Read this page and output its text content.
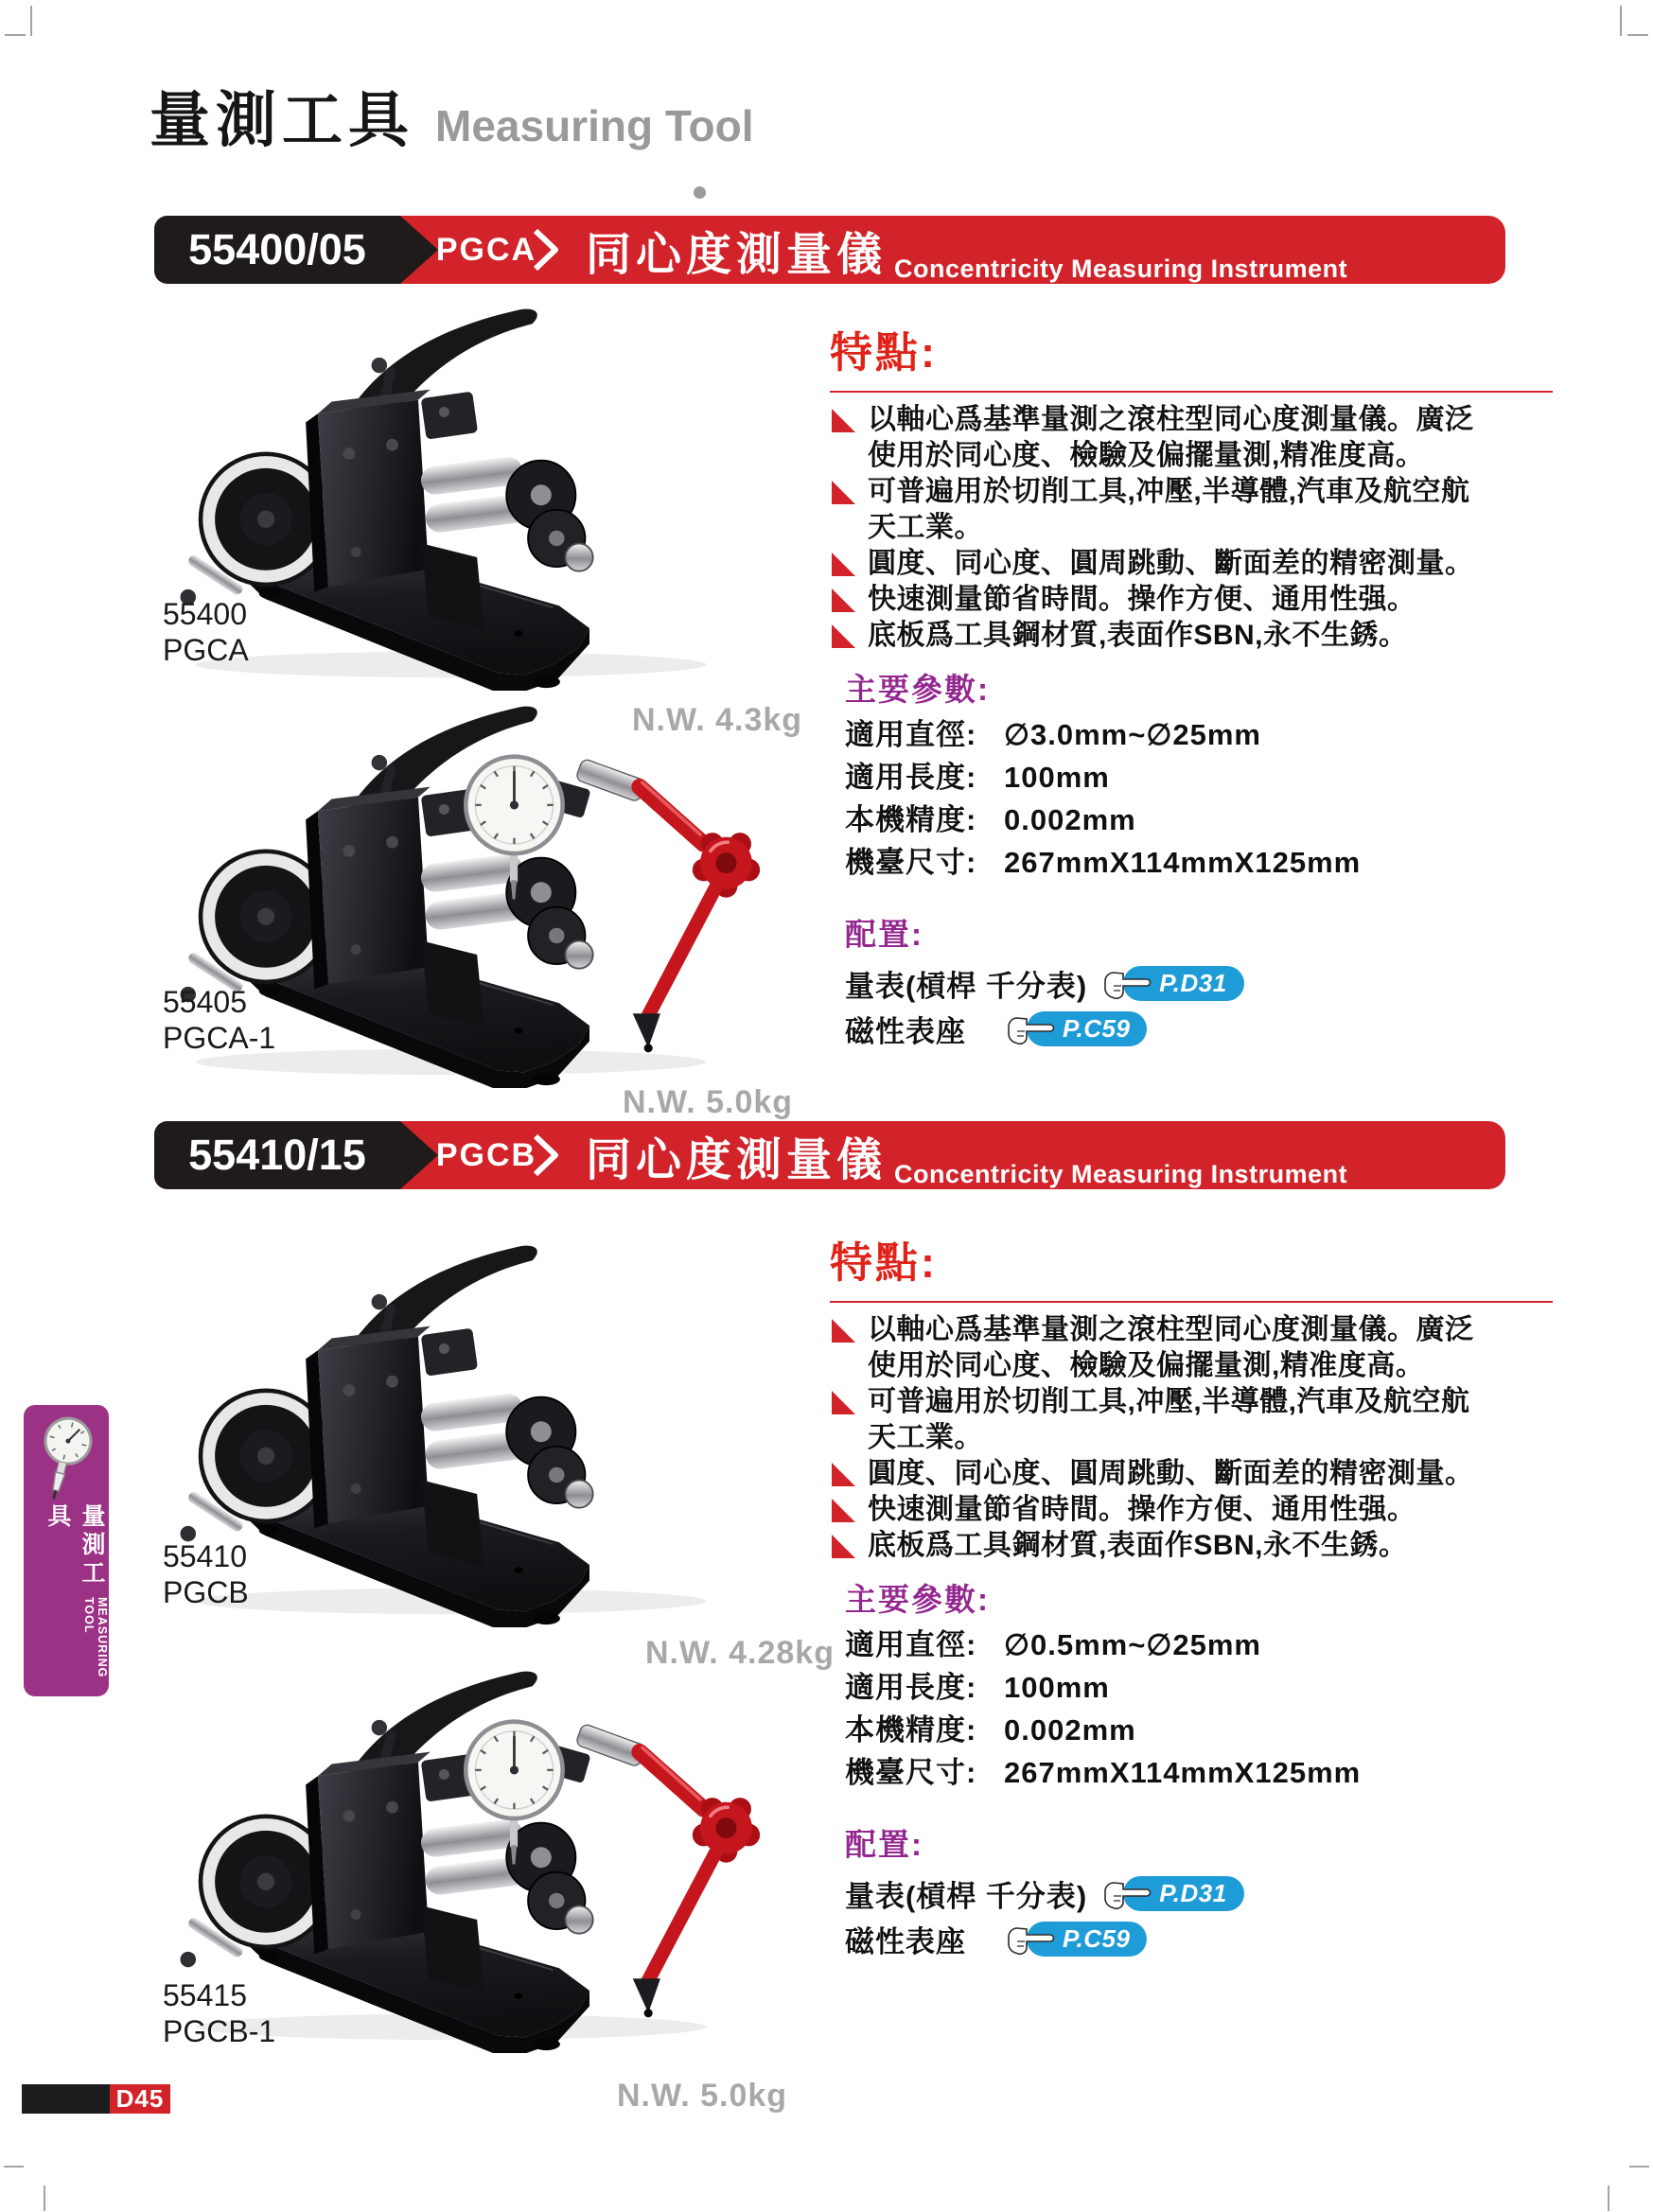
量測工具 Measuring Tool
55400/05 PGCA 同心度測量儀 Concentricity Measuring Instrument
55400
PGCA
N.W. 4.3kg
55405
PGCA-1
N.W. 5.0kg
特點:
以軸心爲基準量測之滾柱型同心度測量儀。廣泛使用於同心度、檢驗及偏擺量測,精准度高。
可普遍用於切削工具,冲壓,半導體,汽車及航空航天工業。
圓度、同心度、圓周跳動、斷面差的精密測量。
快速測量節省時間。操作方便、通用性强。
底板爲工具鋼材質,表面作SBN,永不生銹。
主要參數:
適用直徑: ∅3.0mm~∅25mm
適用長度: 100mm
本機精度: 0.002mm
機臺尺寸: 267mmX114mmX125mm
配置:
量表(槓桿 千分表)	P.D31
磁性表座	P.C59
55410/15 PGCB 同心度測量儀 Concentricity Measuring Instrument
55410
PGCB
N.W. 4.28kg
55415
PGCB-1
N.W. 5.0kg
特點:
以軸心爲基準量測之滾柱型同心度測量儀。廣泛使用於同心度、檢驗及偏擺量測,精准度高。
可普遍用於切削工具,冲壓,半導體,汽車及航空航天工業。
圓度、同心度、圓周跳動、斷面差的精密測量。
快速測量節省時間。操作方便、通用性强。
底板爲工具鋼材質,表面作SBN,永不生銹。
主要參數:
適用直徑: ∅0.5mm~∅25mm
適用長度: 100mm
本機精度: 0.002mm
機臺尺寸: 267mmX114mmX125mm
配置:
量表(槓桿 千分表)	P.D31
磁性表座	P.C59
量測工具
MEASURING TOOL
D45
